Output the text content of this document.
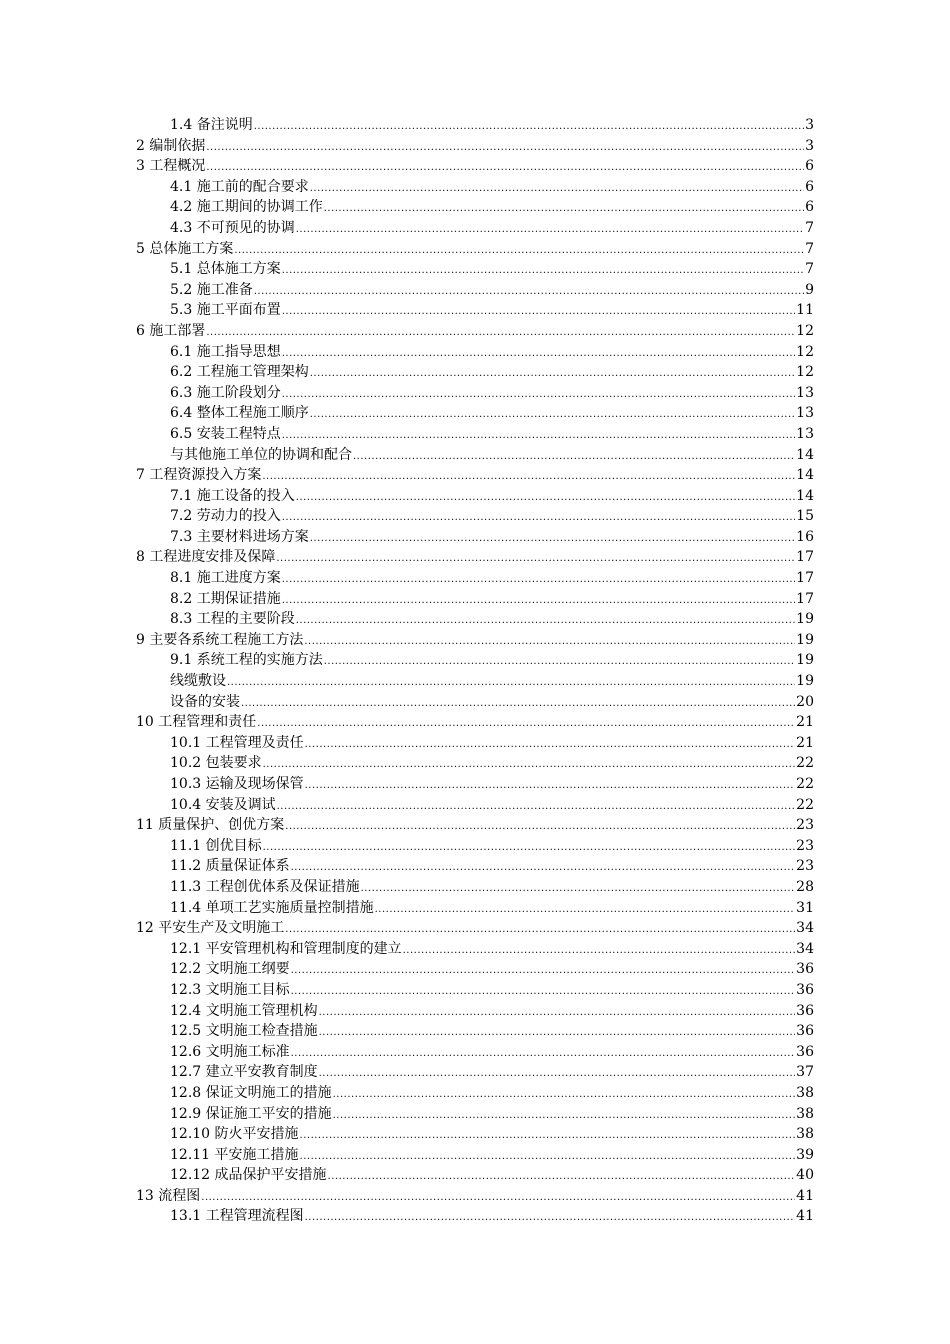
1.4 备注说明 .....	3
2 编制依据 .....	3
3 工程概况 .....	6
4.1 施工前的配合要求 .....	6
4.2 施工期间的协调工作 .....	6
4.3 不可预见的协调 .....	7
5 总体施工方案 .....	7
5.1 总体施工方案 .....	7
5.2 施工准备 .....	9
5.3 施工平面布置 .....	11
6 施工部署 .....	12
6.1 施工指导思想 .....	12
6.2 工程施工管理架构 .....	12
6.3 施工阶段划分 .....	13
6.4 整体工程施工顺序 .....	13
6.5 安装工程特点 .....	13
与其他施工单位的协调和配合 .....	14
7 工程资源投入方案 .....	14
7.1 施工设备的投入 .....	14
7.2 劳动力的投入 .....	15
7.3 主要材料进场方案 .....	16
8 工程进度安排及保障 .....	17
8.1 施工进度方案 .....	17
8.2 工期保证措施 .....	17
8.3 工程的主要阶段 .....	19
9 主要各系统工程施工方法 .....	19
9.1 系统工程的实施方法 .....	19
线缆敷设 .....	19
设备的安装 .....	20
10 工程管理和责任 .....	21
10.1 工程管理及责任 .....	21
10.2 包装要求 .....	22
10.3 运输及现场保管 .....	22
10.4 安装及调试 .....	22
11 质量保护、创优方案 .....	23
11.1 创优目标 .....	23
11.2 质量保证体系 .....	23
11.3 工程创优体系及保证措施 .....	28
11.4 单项工艺实施质量控制措施 .....	31
12 平安生产及文明施工 .....	34
12.1 平安管理机构和管理制度的建立 .....	34
12.2 文明施工纲要 .....	36
12.3 文明施工目标 .....	36
12.4 文明施工管理机构 .....	36
12.5 文明施工检查措施 .....	36
12.6 文明施工标准 .....	36
12.7 建立平安教育制度 .....	37
12.8 保证文明施工的措施 .....	38
12.9 保证施工平安的措施 .....	38
12.10 防火平安措施 .....	38
12.11 平安施工措施 .....	39
12.12 成品保护平安措施 .....	40
13 流程图 .....	41
13.1 工程管理流程图 .....	41
